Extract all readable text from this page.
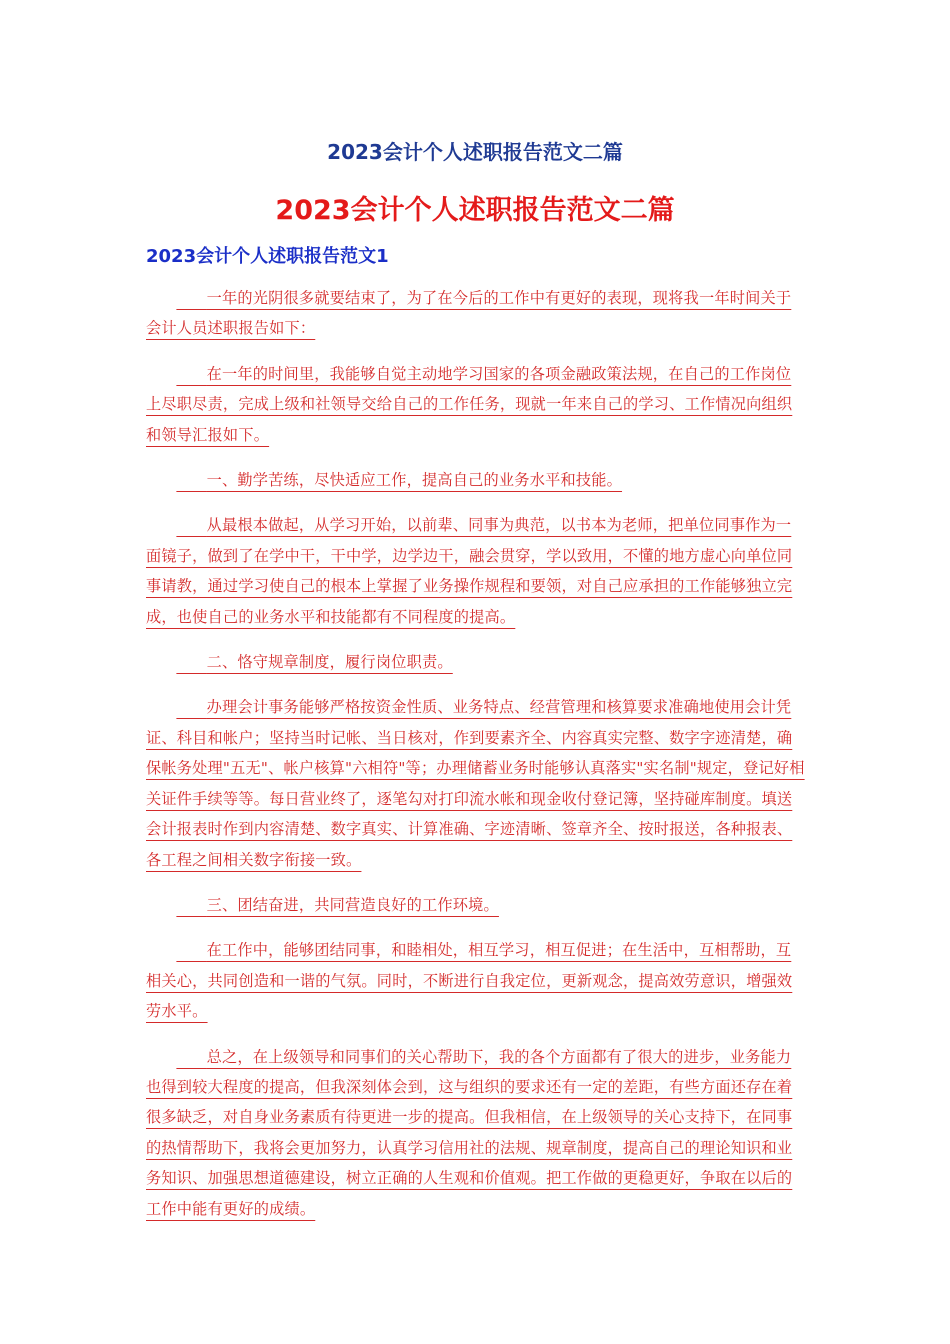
2023会计个人述职报告范文二篇
2023会计个人述职报告范文二篇
2023会计个人述职报告范文1

一年的光阴很多就要结束了，为了在今后的工作中有更好的表现，现将我一年时间关于会计人员述职报告如下：

在一年的时间里，我能够自觉主动地学习国家的各项金融政策法规，在自己的工作岗位上尽职尽责，完成上级和社领导交给自己的工作任务，现就一年来自己的学习、工作情况向组织和领导汇报如下。

一、勤学苦练，尽快适应工作，提高自己的业务水平和技能。

从最根本做起，从学习开始，以前辈、同事为典范，以书本为老师，把单位同事作为一面镜子，做到了在学中干，干中学，边学边干，融会贯穿，学以致用，不懂的地方虚心向单位同事请教，通过学习使自己的根本上掌握了业务操作规程和要领，对自己应承担的工作能够独立完成，也使自己的业务水平和技能都有不同程度的提高。

二、恪守规章制度，履行岗位职责。

办理会计事务能够严格按资金性质、业务特点、经营管理和核算要求准确地使用会计凭证、科目和帐户；坚持当时记帐、当日核对，作到要素齐全、内容真实完整、数字字迹清楚，确保帐务处理"五无"、帐户核算"六相符"等；办理储蓄业务时能够认真落实"实名制"规定，登记好相关证件手续等等。每日营业终了，逐笔勾对打印流水帐和现金收付登记簿，坚持碰库制度。填送会计报表时作到内容清楚、数字真实、计算准确、字迹清晰、签章齐全、按时报送，各种报表、各工程之间相关数字衔接一致。

三、团结奋进，共同营造良好的工作环境。

在工作中，能够团结同事，和睦相处，相互学习，相互促进；在生活中，互相帮助，互相关心，共同创造和一谐的气氛。同时，不断进行自我定位，更新观念，提高效劳意识，增强效劳水平。

总之，在上级领导和同事们的关心帮助下，我的各个方面都有了很大的进步，业务能力也得到较大程度的提高，但我深刻体会到，这与组织的要求还有一定的差距，有些方面还存在着很多缺乏，对自身业务素质有待更进一步的提高。但我相信，在上级领导的关心支持下，在同事的热情帮助下，我将会更加努力，认真学习信用社的法规、规章制度，提高自己的理论知识和业务知识、加强思想道德建设，树立正确的人生观和价值观。把工作做的更稳更好，争取在以后的工作中能有更好的成绩。
